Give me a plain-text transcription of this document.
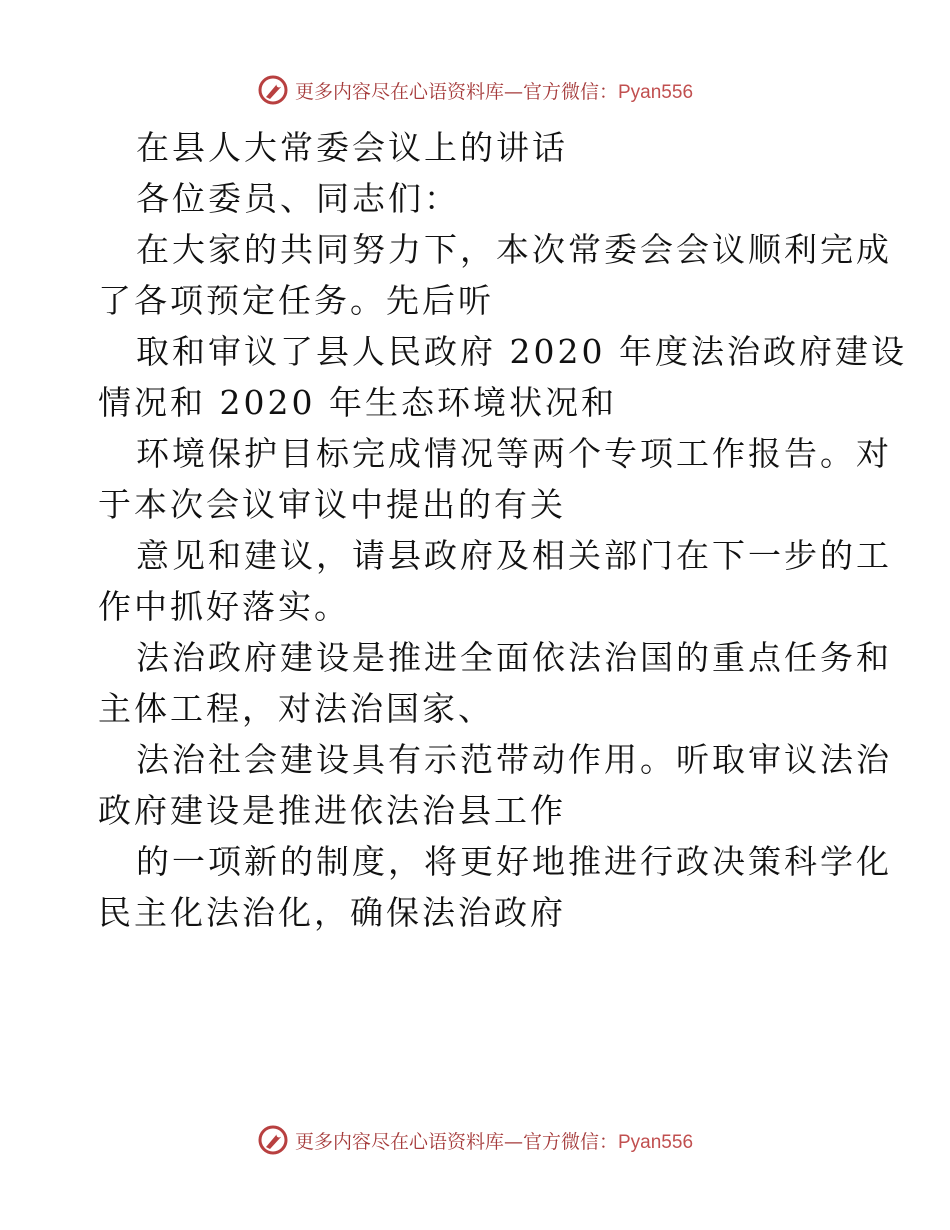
更多内容尽在心语资料库—官方微信：Pyan556
在县人大常委会议上的讲话
各位委员、同志们：
在大家的共同努力下，本次常委会会议顺利完成
了各项预定任务。先后听
取和审议了县人民政府 2020 年度法治政府建设
情况和 2020 年生态环境状况和
环境保护目标完成情况等两个专项工作报告。对
于本次会议审议中提出的有关
意见和建议，请县政府及相关部门在下一步的工
作中抓好落实。
法治政府建设是推进全面依法治国的重点任务和
主体工程，对法治国家、
法治社会建设具有示范带动作用。听取审议法治
政府建设是推进依法治县工作
的一项新的制度，将更好地推进行政决策科学化
民主化法治化，确保法治政府
更多内容尽在心语资料库—官方微信：Pyan556
